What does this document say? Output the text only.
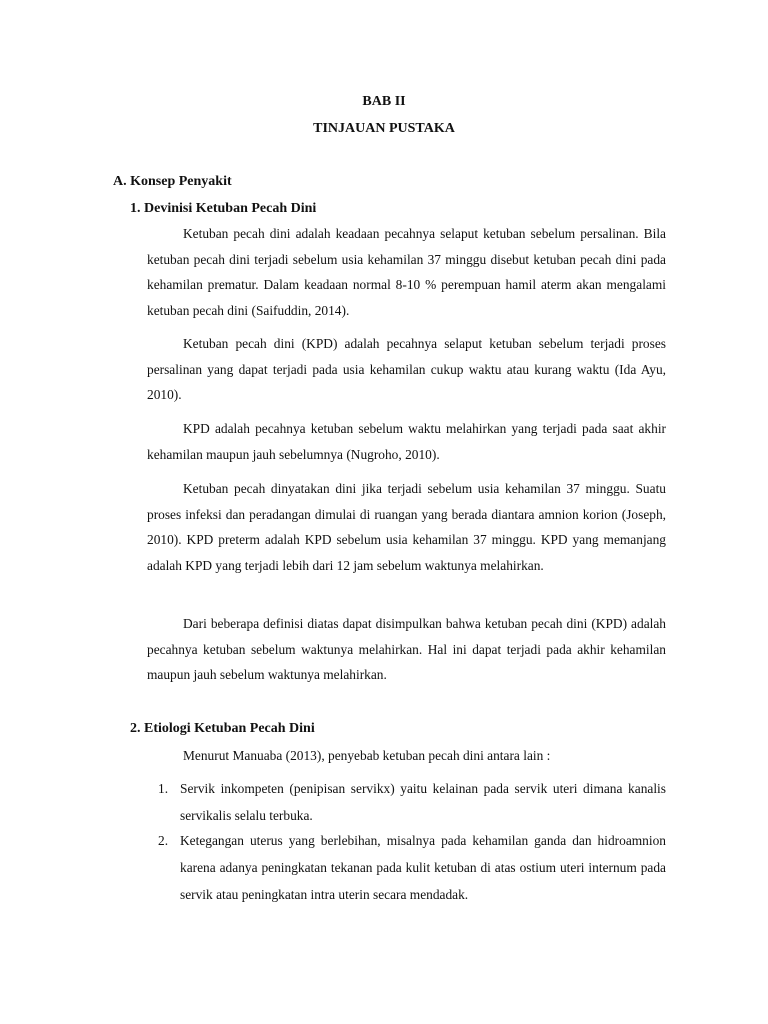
BAB II
TINJAUAN PUSTAKA
A. Konsep Penyakit
1. Devinisi Ketuban Pecah Dini

Ketuban pecah dini adalah keadaan pecahnya selaput ketuban sebelum persalinan. Bila ketuban pecah dini terjadi sebelum usia kehamilan 37 minggu disebut ketuban pecah dini pada kehamilan prematur. Dalam keadaan normal 8-10 % perempuan hamil aterm akan mengalami ketuban pecah dini (Saifuddin, 2014).

Ketuban pecah dini (KPD) adalah pecahnya selaput ketuban sebelum terjadi proses persalinan yang dapat terjadi pada usia kehamilan cukup waktu atau kurang waktu (Ida Ayu, 2010).

KPD adalah pecahnya ketuban sebelum waktu melahirkan yang terjadi pada saat akhir kehamilan maupun jauh sebelumnya (Nugroho, 2010).

Ketuban pecah dinyatakan dini jika terjadi sebelum usia kehamilan 37 minggu. Suatu proses infeksi dan peradangan dimulai di ruangan yang berada diantara amnion korion (Joseph, 2010). KPD preterm adalah KPD sebelum usia kehamilan 37 minggu. KPD yang memanjang adalah KPD yang terjadi lebih dari 12 jam sebelum waktunya melahirkan.

Dari beberapa definisi diatas dapat disimpulkan bahwa ketuban pecah dini (KPD) adalah pecahnya ketuban sebelum waktunya melahirkan. Hal ini dapat terjadi pada akhir kehamilan maupun jauh sebelum waktunya melahirkan.

2. Etiologi Ketuban Pecah Dini

Menurut Manuaba (2013), penyebab ketuban pecah dini antara lain :

1. Servik inkompeten (penipisan servikx) yaitu kelainan pada servik uteri dimana kanalis servikalis selalu terbuka.
2. Ketegangan uterus yang berlebihan, misalnya pada kehamilan ganda dan hidroamnion karena adanya peningkatan tekanan pada kulit ketuban di atas ostium uteri internum pada servik atau peningkatan intra uterin secara mendadak.
